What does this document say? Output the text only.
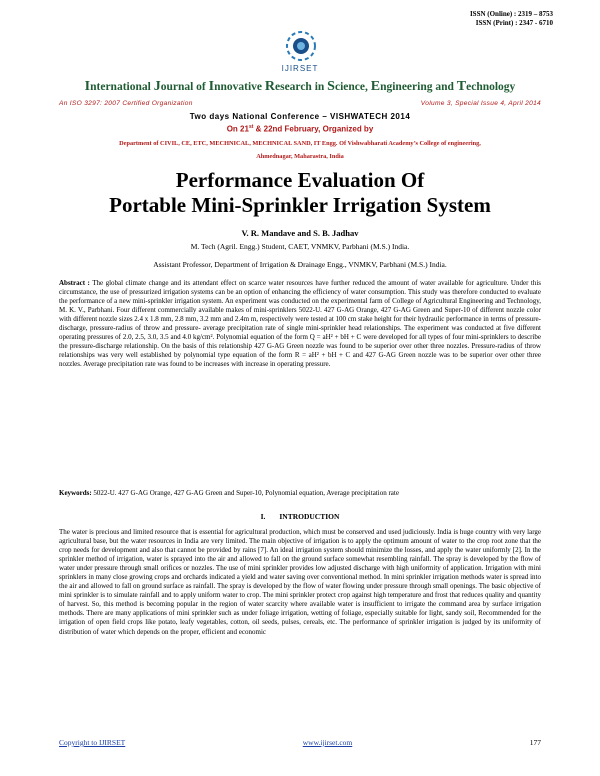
ISSN (Online) : 2319 – 8753
ISSN (Print) : 2347 - 6710
IJIRSET
International Journal of Innovative Research in Science, Engineering and Technology
An ISO 3297: 2007 Certified Organization	Volume 3, Special Issue 4, April 2014
Two days National Conference – VISHWATECH 2014
On 21st & 22nd February, Organized by
Department of CIVIL, CE, ETC, MECHNICAL, MECHNICAL SAND, IT Engg. Of Vishwabharati Academy’s College of engineering,
Ahmednagar, Maharastra, India
Performance Evaluation Of
Portable Mini-Sprinkler Irrigation System
V. R. Mandave and S. B. Jadhav
M. Tech (Agril. Engg.) Student, CAET, VNMKV, Parbhani (M.S.) India.
Assistant Professor, Department of Irrigation & Drainage Engg., VNMKV, Parbhani (M.S.) India.
Abstract : The global climate change and its attendant effect on scarce water resources have further reduced the amount of water available for agriculture. Under this circumstance, the use of pressurized irrigation systems can be an option of enhancing the efficiency of water consumption. This study was therefore conducted to evaluate the performance of a new mini-sprinkler irrigation system. An experiment was conducted on the experimental farm of College of Agricultural Engineering and Technology, M. K. V., Parbhani. Four different commercially available makes of mini-sprinklers 5022-U. 427 G-AG Orange, 427 G-AG Green and Super-10 of different nozzle color with different nozzle sizes 2.4 x 1.8 mm, 2.8 mm, 3.2 mm and 2.4m m, respectively were tested at 100 cm stake height for their hydraulic performance in terms of pressure-discharge, pressure-radius of throw and pressure- average precipitation rate of single mini-sprinkler head relationships. The experiment was conducted at five different operating pressures of 2.0, 2.5, 3.0, 3.5 and 4.0 kg/cm². Polynomial equation of the form Q = aH² + bH + C were developed for all types of four mini-sprinklers to describe the pressure-discharge relationship. On the basis of this relationship 427 G-AG Green nozzle was found to be superior over other three nozzles. Pressure-radius of throw relationships was very well established by polynomial type equation of the form R = aH² + bH + C and 427 G-AG Green nozzle was to be superior over other three nozzles. Average precipitation rate was found to be increases with increase in operating pressure.
Keywords: 5022-U. 427 G-AG Orange, 427 G-AG Green and Super-10, Polynomial equation, Average precipitation rate
I. INTRODUCTION
The water is precious and limited resource that is essential for agricultural production, which must be conserved and used judiciously. India is huge country with very large agricultural base, but the water resources in India are very limited. The main objective of irrigation is to apply the optimum amount of water to the crop root zone that the crop needs for development and also that cannot be provided by rains [7]. An ideal irrigation system should minimize the losses, and apply the water uniformly [2]. In the sprinkler method of irrigation, water is sprayed into the air and allowed to fall on the ground surface somewhat resembling rainfall. The spray is developed by the flow of water under pressure through small orifices or nozzles. The use of mini sprinkler provides low adjusted discharge with high uniformity of application. Irrigation with mini sprinklers in many close growing crops and orchards indicated a yield and water saving over conventional method. In mini sprinkler irrigation methods water is spread into the air and allowed to fall on ground surface as rainfall. The spray is developed by the flow of water flowing under pressure through small openings. The basic objective of mini sprinkler is to simulate rainfall and to apply uniform water to crop. The mini sprinkler protect crop against high temperature and frost that reduces quality and quantity of harvest. So, this method is becoming popular in the region of water scarcity where available water is insufficient to irrigate the command area by surface irrigation methods. There are many applications of mini sprinkler such as under foliage irrigation, wetting of foliage, especially suitable for light, sandy soil, Recommended for the irrigation of open field crops like potato, leafy vegetables, cotton, oil seeds, pulses, cereals, etc. The performance of sprinkler irrigation is judged by its uniformity of distribution of water which depends on the proper, efficient and economic
Copyright to IJIRSET	www.ijirset.com	177
